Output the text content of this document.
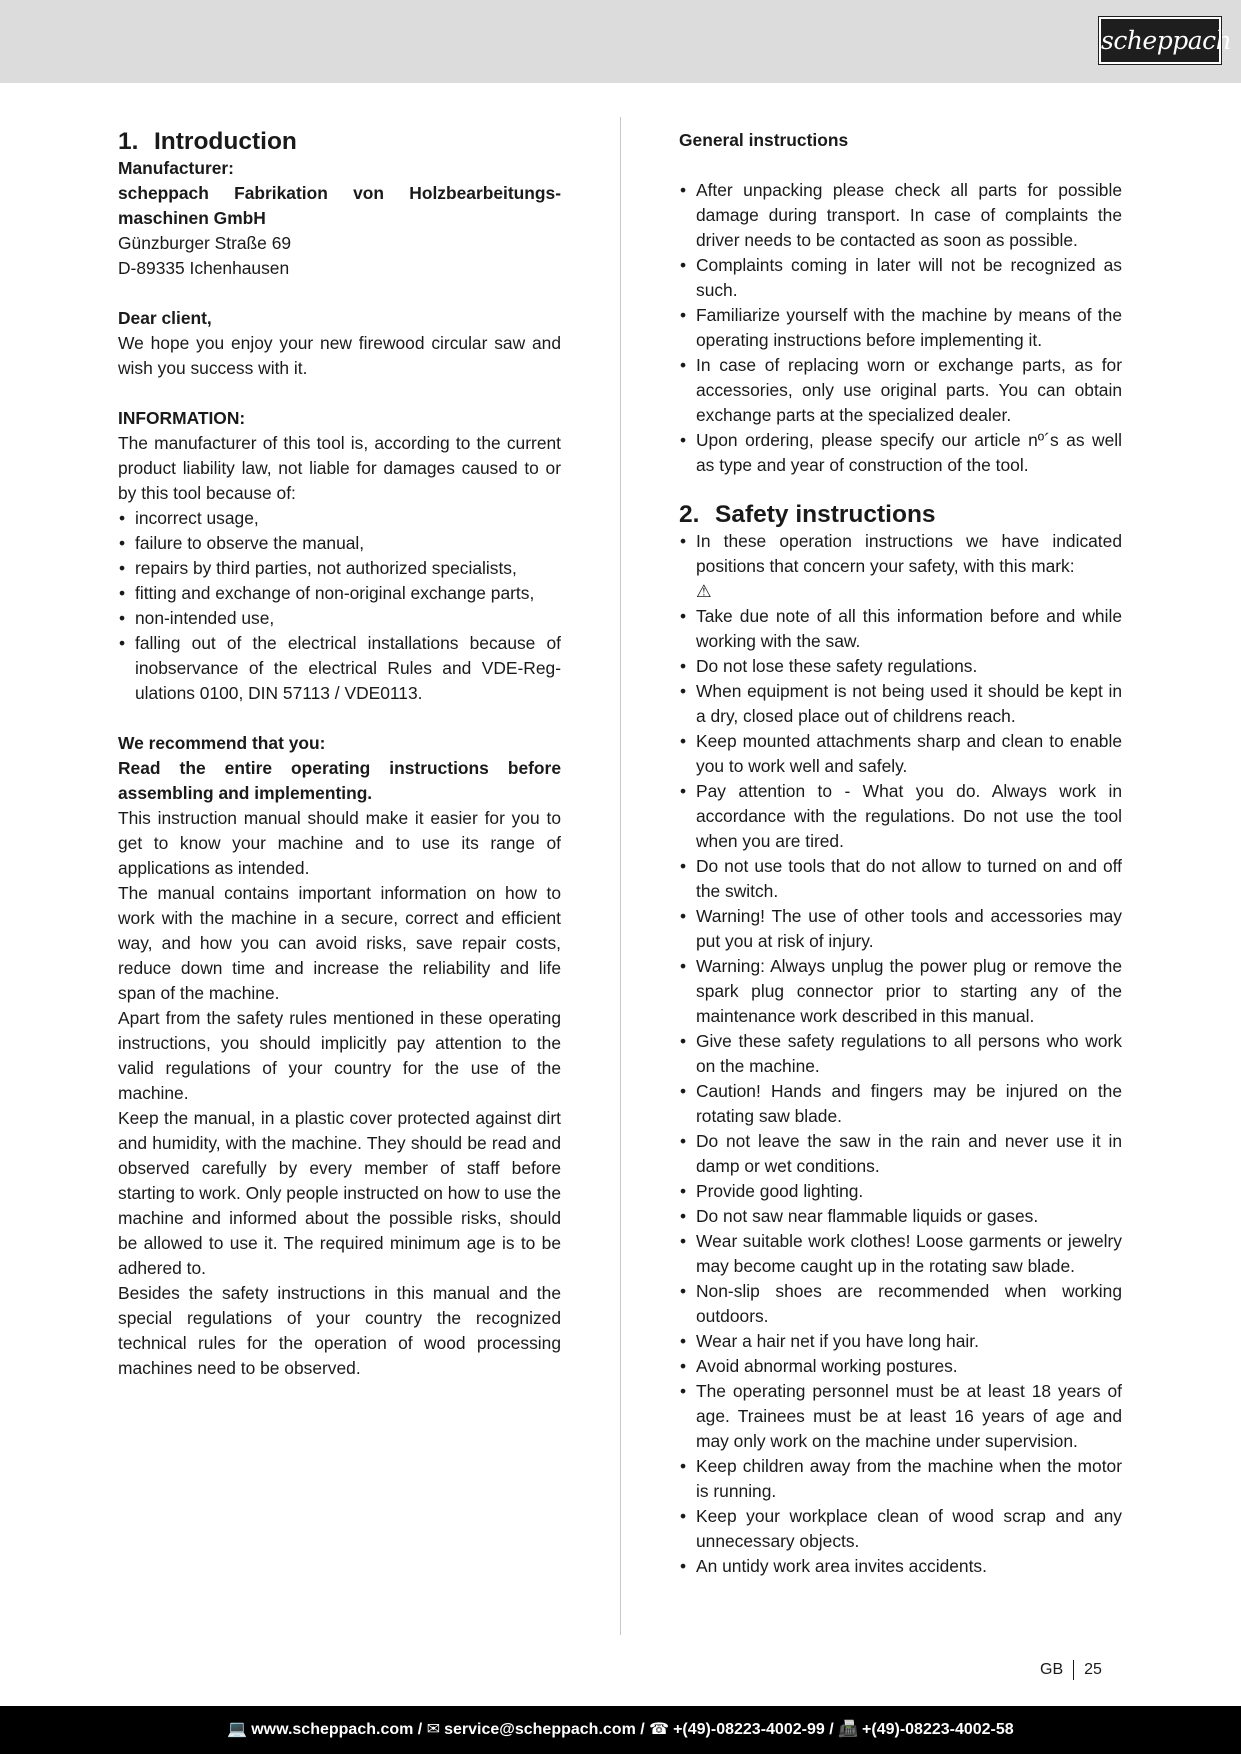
scheppach
1. Introduction

Manufacturer:

scheppach Fabrikation von Holzbearbeitungsmaschinen GmbH

Günzburger Straße 69

D-89335 Ichenhausen

Dear client,

We hope you enjoy your new firewood circular saw and wish you success with it.

INFORMATION:

The manufacturer of this tool is, according to the current product liability law, not liable for damages caused to or by this tool because of:

• incorrect usage,
• failure to observe the manual,
• repairs by third parties, not authorized specialists,
• fitting and exchange of non-original exchange parts,
• non-intended use,
• falling out of the electrical installations because of inobservance of the electrical Rules and VDE-Regulations 0100, DIN 57113 / VDE0113.

We recommend that you:

Read the entire operating instructions before assembling and implementing.

This instruction manual should make it easier for you to get to know your machine and to use its range of applications as intended.

The manual contains important information on how to work with the machine in a secure, correct and efficient way, and how you can avoid risks, save repair costs, reduce down time and increase the reliability and life span of the machine.

Apart from the safety rules mentioned in these operating instructions, you should implicitly pay attention to the valid regulations of your country for the use of the machine.

Keep the manual, in a plastic cover protected against dirt and humidity, with the machine. They should be read and observed carefully by every member of staff before starting to work. Only people instructed on how to use the machine and informed about the possible risks, should be allowed to use it. The required minimum age is to be adhered to.

Besides the safety instructions in this manual and the special regulations of your country the recognized technical rules for the operation of wood processing machines need to be observed.

General instructions

• After unpacking please check all parts for possible damage during transport. In case of complaints the driver needs to be contacted as soon as possible.
• Complaints coming in later will not be recognized as such.
• Familiarize yourself with the machine by means of the operating instructions before implementing it.
• In case of replacing worn or exchange parts, as for accessories, only use original parts. You can obtain exchange parts at the specialized dealer.
• Upon ordering, please specify our article nº´s as well as type and year of construction of the tool.
2. Safety instructions
• In these operation instructions we have indicated positions that concern your safety, with this mark:
⚠
• Take due note of all this information before and while working with the saw.
• Do not lose these safety regulations.
• When equipment is not being used it should be kept in a dry, closed place out of childrens reach.
• Keep mounted attachments sharp and clean to enable you to work well and safely.
• Pay attention to - What you do. Always work in accordance with the regulations. Do not use the tool when you are tired.
• Do not use tools that do not allow to turned on and off the switch.
• Warning! The use of other tools and accessories may put you at risk of injury.
• Warning: Always unplug the power plug or remove the spark plug connector prior to starting any of the maintenance work described in this manual.
• Give these safety regulations to all persons who work on the machine.
• Caution! Hands and fingers may be injured on the rotating saw blade.
• Do not leave the saw in the rain and never use it in damp or wet conditions.
• Provide good lighting.
• Do not saw near flammable liquids or gases.
• Wear suitable work clothes! Loose garments or jewelry may become caught up in the rotating saw blade.
• Non-slip shoes are recommended when working outdoors.
• Wear a hair net if you have long hair.
• Avoid abnormal working postures.
• The operating personnel must be at least 18 years of age. Trainees must be at least 16 years of age and may only work on the machine under supervision.
• Keep children away from the machine when the motor is running.
• Keep your workplace clean of wood scrap and any unnecessary objects.
• An untidy work area invites accidents.
GB 25
💻 www.scheppach.com / ✉ service@scheppach.com / ☎ +(49)-08223-4002-99 / 📠 +(49)-08223-4002-58
